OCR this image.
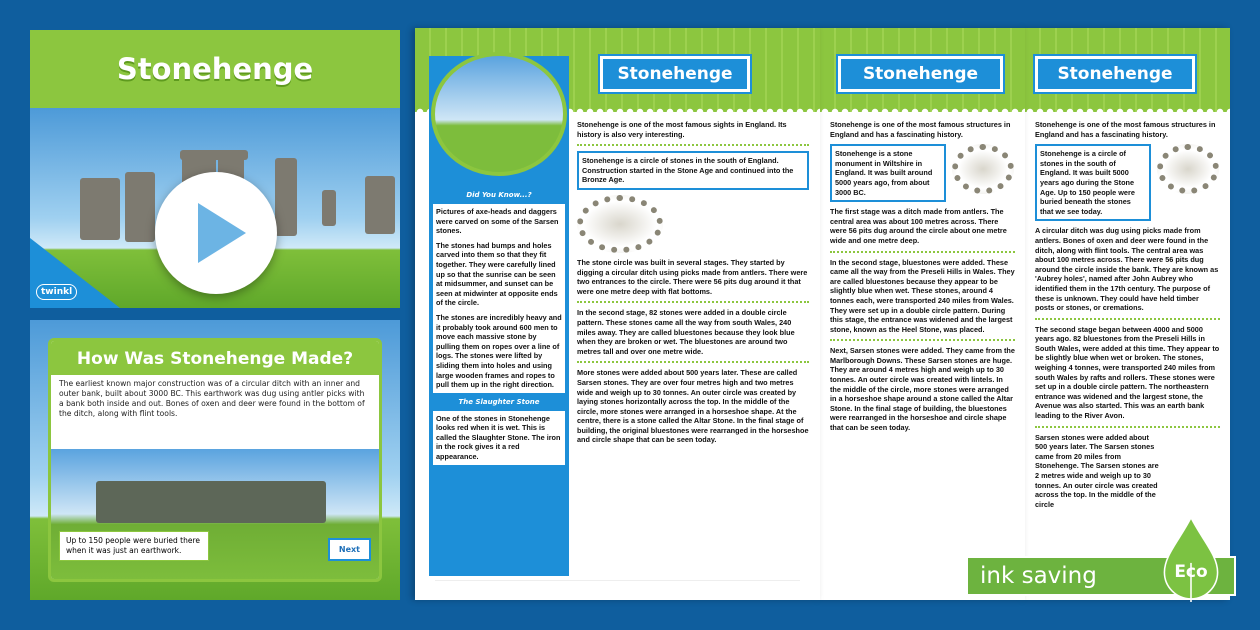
Stonehenge
twinkl
How Was Stonehenge Made?

The earliest known major construction was of a circular ditch with an inner and outer bank, built about 3000 BC. This earthwork was dug using antler picks with a bank both inside and out. Bones of oxen and deer were found in the bottom of the ditch, along with flint tools.

Up to 150 people were buried there when it was just an earthwork.	Next
Stonehenge
Did You Know...?
Pictures of axe-heads and daggers were carved on some of the Sarsen stones.
The stones had bumps and holes carved into them so that they fit together. They were carefully lined up so that the sunrise can be seen at midsummer, and sunset can be seen at midwinter at opposite ends of the circle.
The stones are incredibly heavy and it probably took around 600 men to move each massive stone by pulling them on ropes over a line of logs. The stones were lifted by sliding them into holes and using large wooden frames and ropes to pull them up in the right direction.
The Slaughter Stone
One of the stones in Stonehenge looks red when it is wet. This is called the Slaughter Stone. The iron in the rock gives it a red appearance.
Stonehenge is one of the most famous sights in England. Its history is also very interesting.
Stonehenge is a circle of stones in the south of England. Construction started in the Stone Age and continued into the Bronze Age.
The stone circle was built in several stages. They started by digging a circular ditch using picks made from antlers. There were two entrances to the circle. There were 56 pits dug around it that were one metre deep with flat bottoms.
In the second stage, 82 stones were added in a double circle pattern. These stones came all the way from south Wales, 240 miles away. They are called bluestones because they look blue when they are broken or wet. The bluestones are around two metres tall and over one metre wide.
More stones were added about 500 years later. These are called Sarsen stones. They are over four metres high and two metres wide and weigh up to 30 tonnes. An outer circle was created by laying stones horizontally across the top. In the middle of the circle, more stones were arranged in a horseshoe shape. At the centre, there is a stone called the Altar Stone. In the final stage of building, the original bluestones were rearranged in the horseshoe and circle shape that can be seen today.
Stonehenge
Stonehenge is one of the most famous structures in England and has a fascinating history.
Stonehenge is a stone monument in Wiltshire in England. It was built around 5000 years ago, from about 3000 BC.
The first stage was a ditch made from antlers. The central area was about 100 metres across. There were 56 pits dug around the circle about one metre wide and one metre deep.
In the second stage, bluestones were added. These came all the way from the Preseli Hills in Wales. They are called bluestones because they appear to be slightly blue when wet. These stones, around 4 tonnes each, were transported 240 miles from Wales. They were set up in a double circle pattern. During this stage, the entrance was widened and the largest stone, known as the Heel Stone, was placed.
Next, Sarsen stones were added. They came from the Marlborough Downs. These Sarsen stones are huge. They are around 4 metres high and weigh up to 30 tonnes. An outer circle was created with lintels. In the middle of the circle, more stones were arranged in a horseshoe shape around a stone called the Altar Stone. In the final stage of building, the bluestones were rearranged in the horseshoe and circle shape that can be seen today.
Stonehenge
Stonehenge is one of the most famous structures in England and has a fascinating history.
Stonehenge is a circle of stones in the south of England. It was built 5000 years ago during the Stone Age. Up to 150 people were buried beneath the stones that we see today.
A circular ditch was dug using picks made from antlers. Bones of oxen and deer were found in the ditch, along with flint tools. The central area was about 100 metres across. There were 56 pits dug around the circle inside the bank. They are known as 'Aubrey holes', named after John Aubrey who identified them in the 17th century. The purpose of these is unknown. They could have held timber posts or stones, or cremations.
The second stage began between 4000 and 5000 years ago. 82 bluestones from the Preseli Hills in South Wales, were added at this time. They appear to be slightly blue when wet or broken. The stones, weighing 4 tonnes, were transported 240 miles from south Wales by rafts and rollers. These stones were set up in a double circle pattern. The northeastern entrance was widened and the largest stone, the Avenue was also started. This was an earth bank leading to the River Avon.
Sarsen stones were added about 500 years later. The Sarsen stones came from 20 miles from Stonehenge. The Sarsen stones are 2 metres wide and weigh up to 30 tonnes. An outer circle was created across the top. In the middle of the circle
ink saving	Eco
